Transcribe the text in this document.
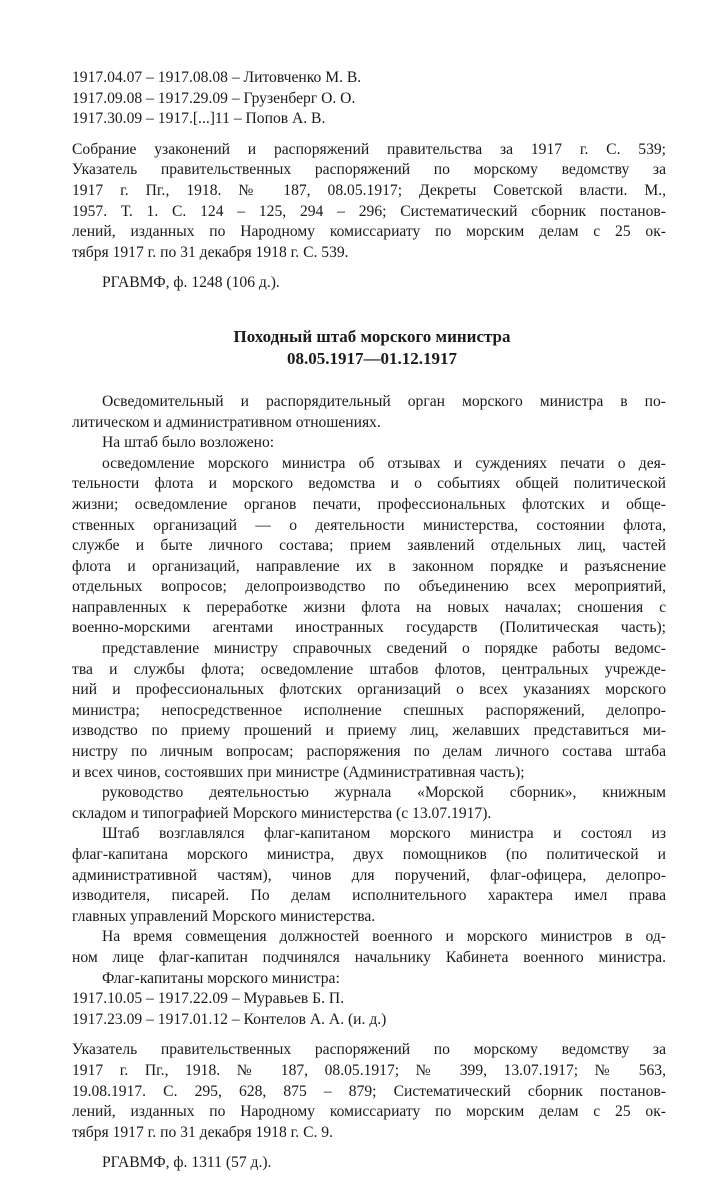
1917.04.07 – 1917.08.08 – Литовченко М. В.
1917.09.08 – 1917.29.09 – Грузенберг О. О.
1917.30.09 – 1917.[...]11 – Попов А. В.
Собрание узаконений и распоряжений правительства за 1917 г. С. 539;
Указатель правительственных распоряжений по морскому ведомству за
1917 г. Пг., 1918. № 187, 08.05.1917; Декреты Советской власти. М.,
1957. Т. 1. С. 124 – 125, 294 – 296; Систематический сборник постанов-
лений, изданных по Народному комиссариату по морским делам с 25 ок-
тября 1917 г. по 31 декабря 1918 г. С. 539.
РГАВМФ, ф. 1248 (106 д.).
Походный штаб морского министра
08.05.1917—01.12.1917
Осведомительный и распорядительный орган морского министра в по-
литическом и административном отношениях.
На штаб было возложено:
осведомление морского министра об отзывах и суждениях печати о дея-
тельности флота и морского ведомства и о событиях общей политической
жизни; осведомление органов печати, профессиональных флотских и обще-
ственных организаций — о деятельности министерства, состоянии флота,
службе и быте личного состава; прием заявлений отдельных лиц, частей
флота и организаций, направление их в законном порядке и разъяснение
отдельных вопросов; делопроизводство по объединению всех мероприятий,
направленных к переработке жизни флота на новых началах; сношения с
военно-морскими агентами иностранных государств (Политическая часть);
представление министру справочных сведений о порядке работы ведомс-
тва и службы флота; осведомление штабов флотов, центральных учрежде-
ний и профессиональных флотских организаций о всех указаниях морского
министра; непосредственное исполнение спешных распоряжений, делопро-
изводство по приему прошений и приему лиц, желавших представиться ми-
нистру по личным вопросам; распоряжения по делам личного состава штаба
и всех чинов, состоявших при министре (Административная часть);
руководство деятельностью журнала «Морской сборник», книжным
складом и типографией Морского министерства (с 13.07.1917).
Штаб возглавлялся флаг-капитаном морского министра и состоял из
флаг-капитана морского министра, двух помощников (по политической и
административной частям), чинов для поручений, флаг-офицера, делопро-
изводителя, писарей. По делам исполнительного характера имел права
главных управлений Морского министерства.
На время совмещения должностей военного и морского министров в од-
ном лице флаг-капитан подчинялся начальнику Кабинета военного министра.
Флаг-капитаны морского министра:
1917.10.05 – 1917.22.09 – Муравьев Б. П.
1917.23.09 – 1917.01.12 – Контелов А. А. (и. д.)
Указатель правительственных распоряжений по морскому ведомству за
1917 г. Пг., 1918. № 187, 08.05.1917; № 399, 13.07.1917; № 563,
19.08.1917. С. 295, 628, 875 – 879; Систематический сборник постанов-
лений, изданных по Народному комиссариату по морским делам с 25 ок-
тября 1917 г. по 31 декабря 1918 г. С. 9.
РГАВМФ, ф. 1311 (57 д.).
